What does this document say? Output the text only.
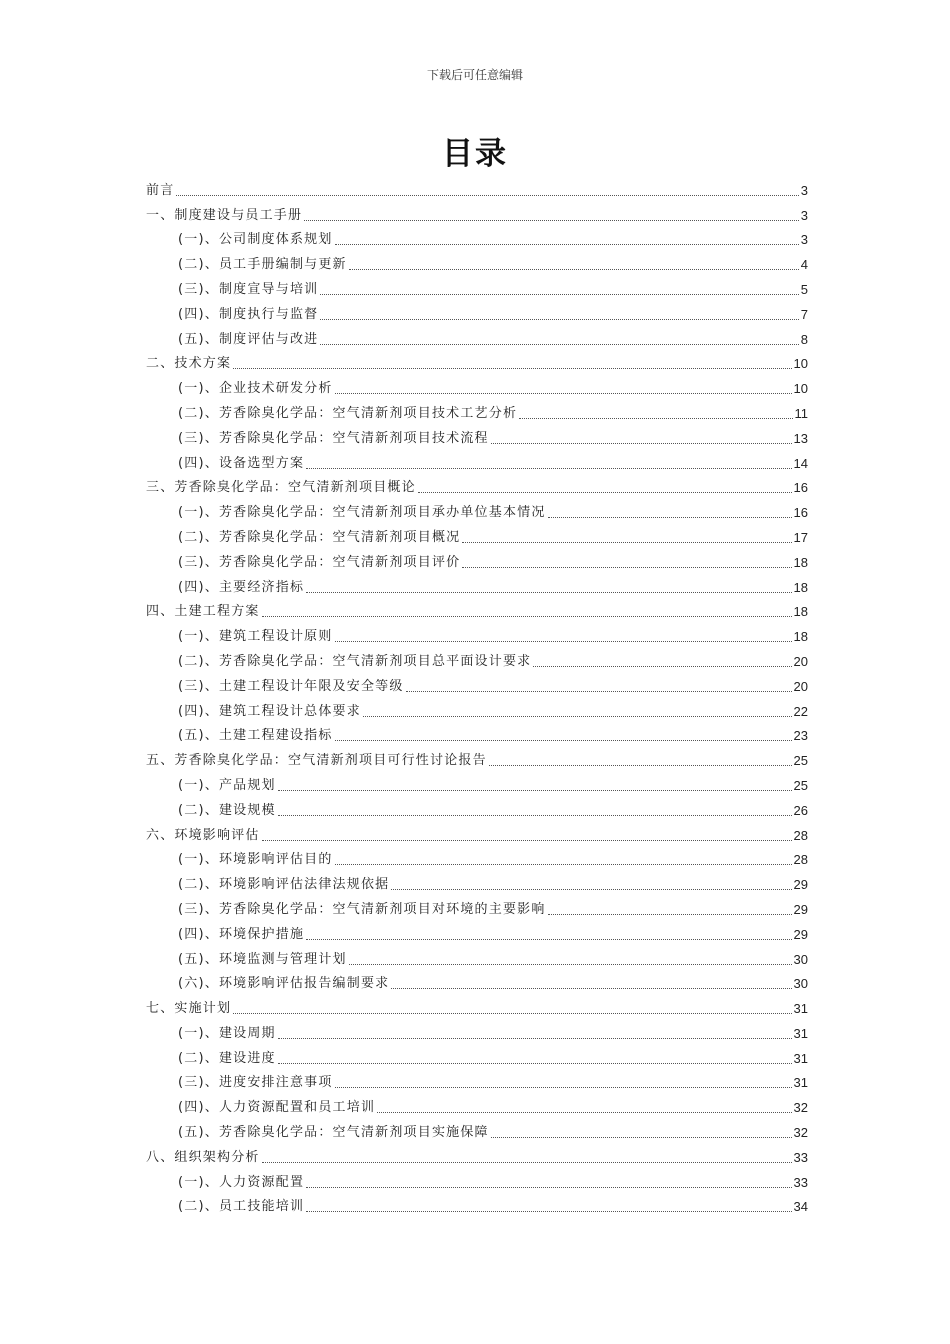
下载后可任意编辑
目录
前言	3
一、制度建设与员工手册	3
(一)、公司制度体系规划	3
(二)、员工手册编制与更新	4
(三)、制度宣导与培训	5
(四)、制度执行与监督	7
(五)、制度评估与改进	8
二、技术方案	10
(一)、企业技术研发分析	10
(二)、芳香除臭化学品：空气清新剂项目技术工艺分析	11
(三)、芳香除臭化学品：空气清新剂项目技术流程	13
(四)、设备选型方案	14
三、芳香除臭化学品：空气清新剂项目概论	16
(一)、芳香除臭化学品：空气清新剂项目承办单位基本情况	16
(二)、芳香除臭化学品：空气清新剂项目概况	17
(三)、芳香除臭化学品：空气清新剂项目评价	18
(四)、主要经济指标	18
四、土建工程方案	18
(一)、建筑工程设计原则	18
(二)、芳香除臭化学品：空气清新剂项目总平面设计要求	20
(三)、土建工程设计年限及安全等级	20
(四)、建筑工程设计总体要求	22
(五)、土建工程建设指标	23
五、芳香除臭化学品：空气清新剂项目可行性讨论报告	25
(一)、产品规划	25
(二)、建设规模	26
六、环境影响评估	28
(一)、环境影响评估目的	28
(二)、环境影响评估法律法规依据	29
(三)、芳香除臭化学品：空气清新剂项目对环境的主要影响	29
(四)、环境保护措施	29
(五)、环境监测与管理计划	30
(六)、环境影响评估报告编制要求	30
七、实施计划	31
(一)、建设周期	31
(二)、建设进度	31
(三)、进度安排注意事项	31
(四)、人力资源配置和员工培训	32
(五)、芳香除臭化学品：空气清新剂项目实施保障	32
八、组织架构分析	33
(一)、人力资源配置	33
(二)、员工技能培训	34
